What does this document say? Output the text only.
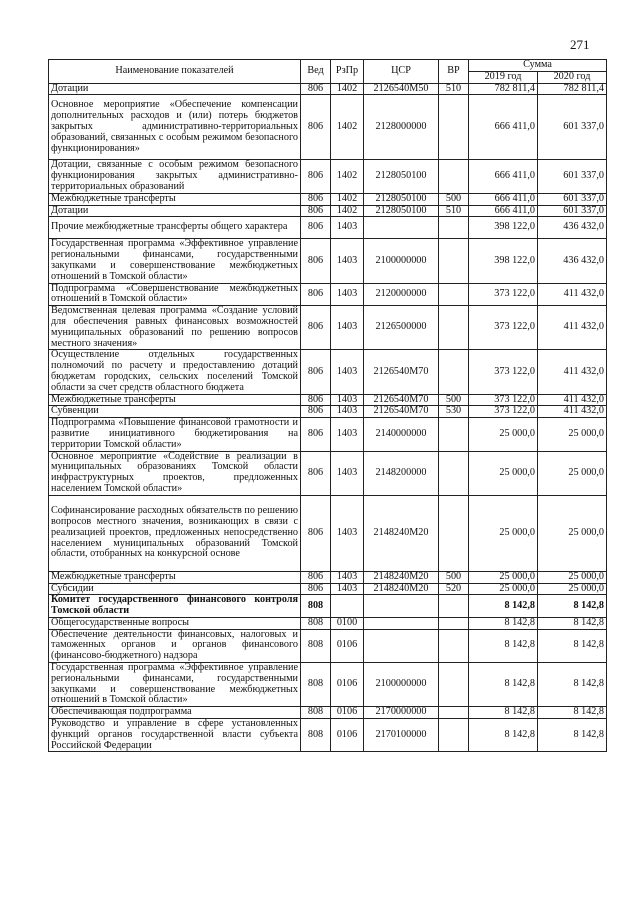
271
Наименование показателей	Вед	РзПр	ЦСР	ВР	Сумма	
					2019 год	2020 год
Дотации	806	1402	2126540М50	510	782 811,4	782 811,4
Основное мероприятие «Обеспечение компенсации дополнительных расходов и (или) потерь бюджетов закрытых административно-территориальных образований, связанных с особым режимом безопасного функционирования»	806	1402	2128000000		666 411,0	601 337,0
Дотации, связанные с особым режимом безопасного функционирования закрытых административно-территориальных образований	806	1402	2128050100		666 411,0	601 337,0
Межбюджетные трансферты	806	1402	2128050100	500	666 411,0	601 337,0
Дотации	806	1402	2128050100	510	666 411,0	601 337,0
Прочие межбюджетные трансферты общего характера	806	1403			398 122,0	436 432,0
Государственная программа «Эффективное управление региональными финансами, государственными закупками и совершенствование межбюджетных отношений в Томской области»	806	1403	2100000000		398 122,0	436 432,0
Подпрограмма «Совершенствование межбюджетных отношений в Томской области»	806	1403	2120000000		373 122,0	411 432,0
Ведомственная целевая программа «Создание условий для обеспечения равных финансовых возможностей муниципальных образований по решению вопросов местного значения»	806	1403	2126500000		373 122,0	411 432,0
Осуществление отдельных государственных полномочий по расчету и предоставлению дотаций бюджетам городских, сельских поселений Томской области за счет средств областного бюджета	806	1403	2126540М70		373 122,0	411 432,0
Межбюджетные трансферты	806	1403	2126540М70	500	373 122,0	411 432,0
Субвенции	806	1403	2126540М70	530	373 122,0	411 432,0
Подпрограмма «Повышение финансовой грамотности и развитие инициативного бюджетирования на территории Томской области»	806	1403	2140000000		25 000,0	25 000,0
Основное мероприятие «Содействие в реализации в муниципальных образованиях Томской области инфраструктурных проектов, предложенных населением Томской области»	806	1403	2148200000		25 000,0	25 000,0
Софинансирование расходных обязательств по решению вопросов местного значения, возникающих в связи с реализацией проектов, предложенных непосредственно населением муниципальных образований Томской области, отобранных на конкурсной основе	806	1403	2148240М20		25 000,0	25 000,0
Межбюджетные трансферты	806	1403	2148240М20	500	25 000,0	25 000,0
Субсидии	806	1403	2148240М20	520	25 000,0	25 000,0
Комитет государственного финансового контроля Томской области	808				8 142,8	8 142,8
Общегосударственные вопросы	808	0100			8 142,8	8 142,8
Обеспечение деятельности финансовых, налоговых и таможенных органов и органов финансового (финансово-бюджетного) надзора	808	0106			8 142,8	8 142,8
Государственная программа «Эффективное управление региональными финансами, государственными закупками и совершенствование межбюджетных отношений в Томской области»	808	0106	2100000000		8 142,8	8 142,8
Обеспечивающая подпрограмма	808	0106	2170000000		8 142,8	8 142,8
Руководство и управление в сфере установленных функций органов государственной власти субъекта Российской Федерации	808	0106	2170100000		8 142,8	8 142,8
